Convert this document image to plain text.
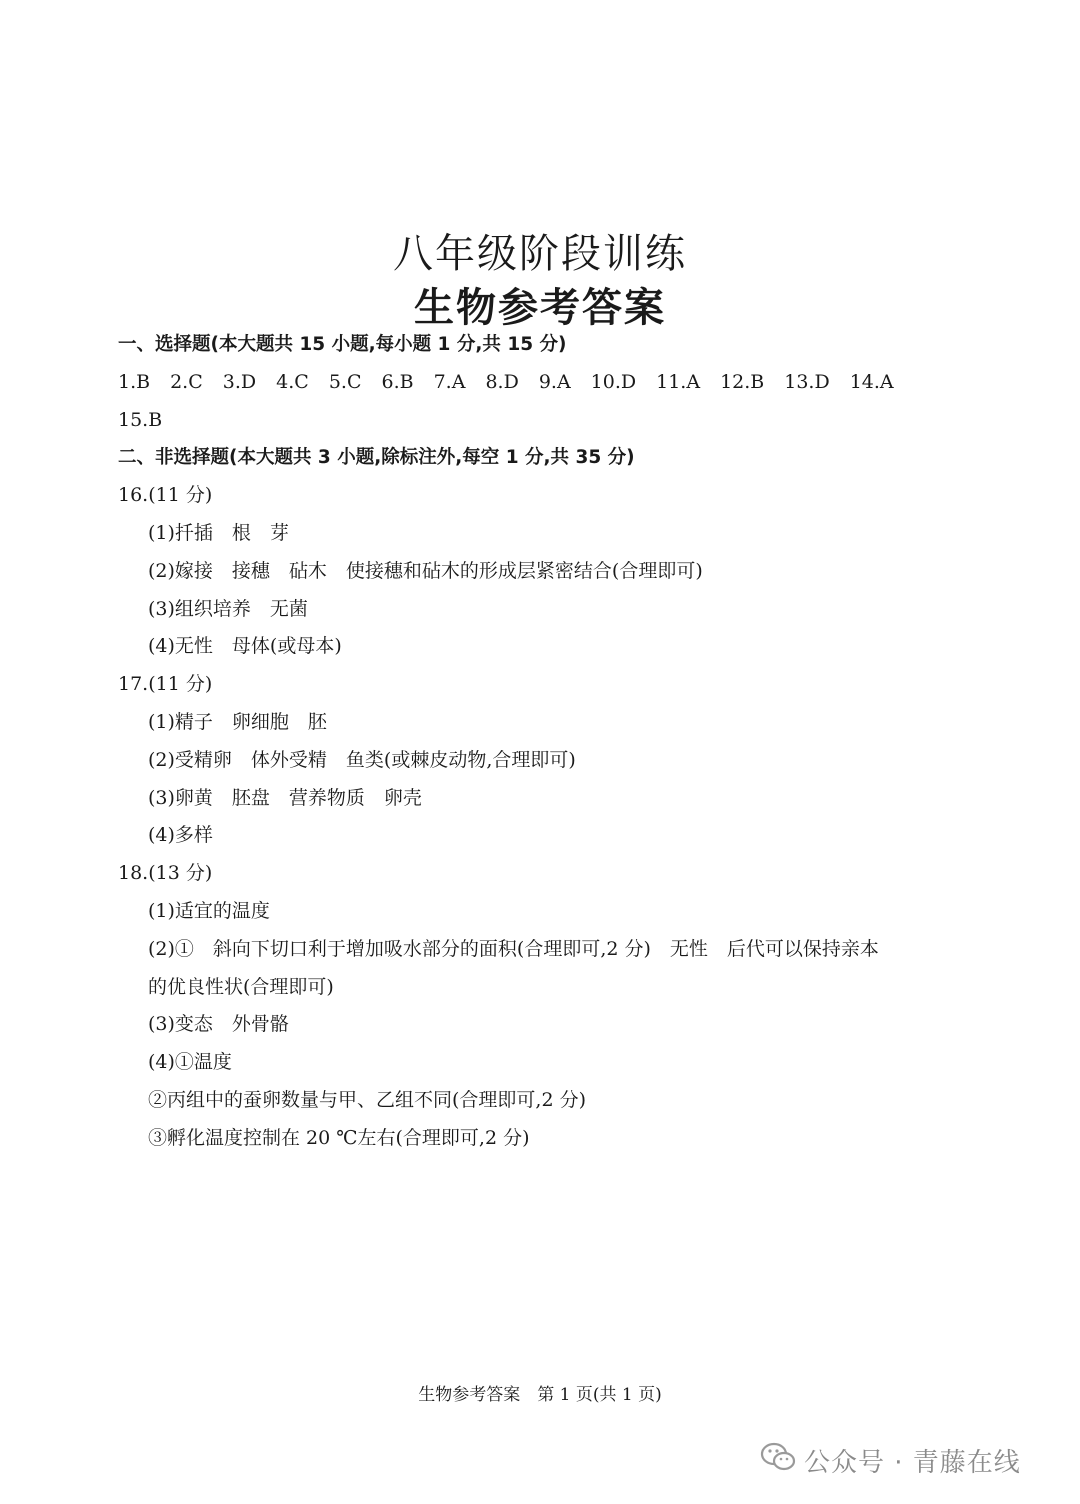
八年级阶段训练
生物参考答案
一、选择题(本大题共 15 小题,每小题 1 分,共 15 分)
1.B 2.C 3.D 4.C 5.C 6.B 7.A 8.D 9.A 10.D 11.A 12.B 13.D 14.A
15.B
二、非选择题(本大题共 3 小题,除标注外,每空 1 分,共 35 分)
16.(11 分)
(1)扦插　根　芽
(2)嫁接　接穗　砧木　使接穗和砧木的形成层紧密结合(合理即可)
(3)组织培养　无菌
(4)无性　母体(或母本)
17.(11 分)
(1)精子　卵细胞　胚
(2)受精卵　体外受精　鱼类(或棘皮动物,合理即可)
(3)卵黄　胚盘　营养物质　卵壳
(4)多样
18.(13 分)
(1)适宜的温度
(2)①　斜向下切口利于增加吸水部分的面积(合理即可,2 分)　无性　后代可以保持亲本
的优良性状(合理即可)
(3)变态　外骨骼
(4)①温度
②丙组中的蚕卵数量与甲、乙组不同(合理即可,2 分)
③孵化温度控制在 20 ℃左右(合理即可,2 分)
生物参考答案　第 1 页(共 1 页)
公众号 · 青藤在线
